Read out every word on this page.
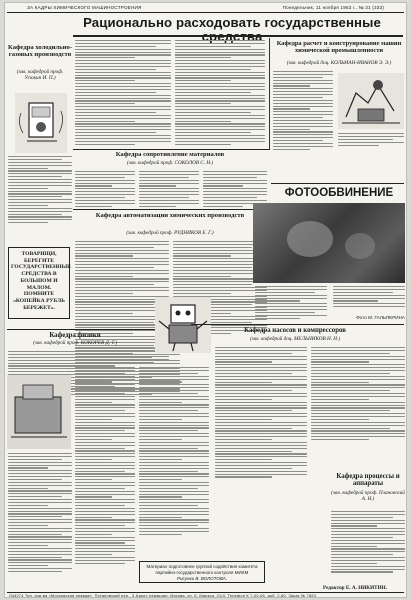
ЗА КАДРЫ ХИМИЧЕСКОГО МАШИНОСТРОЕНИЯ	Понедельник, 11 ноября 1963 г., № 31 (333)
Рационально расходовать государственные
Кафедра холодильно-газовых производств
(зав. кафедрой проф. Усюкин И. П.)
Кафедра расчет и конструирование машин химической промышленности
(зав. кафедрой доц. КОЛЬМАН-ИВАНОВ Э. Э.)
Кафедра сопротивление материалов
(зав. кафедрой проф. СОКОЛОВ С. Н.)
Кафедра автоматизации химических производств
(зав. кафедрой проф. РУДНИКОВ Е. Г.)
ТОВАРИЩИ, БЕРЕГИТЕ ГОСУДАРСТВЕННЫЕ СРЕДСТВА В БОЛЬШОМ И МАЛОМ. ПОМНИТЕ «КОПЕЙКА РУБЛЬ БЕРЕЖЕТ».
Кафедра физики
(зав. кафедрой проф. КОКОРЕВ Д. Т.)
ФОТООБВИНЕНИЕ
Фото М. ГАЛЬПЕРИНА
Кафедра насосов и компрессоров
(зав. кафедрой доц. МЕЛЬНИКОВ Н. Н.)
Материал подготовлен группой содействия комитета партийно-государственного контроля МИХМ
Рисунки В. ВОЛОТОВА.
Кафедра процессы и аппараты
(зав. кафедрой проф. Плановский А. Н.)
Редактор Е. А. НИКИТИН.
Л44274 Тип. изд-ва «Московская правда», Потаповский пер., 3 Адрес редакции: Москва, ул. К. Маркса, 21/4. Телефон К 7-00-06, доб. 2-80. Заказ № 7820.
